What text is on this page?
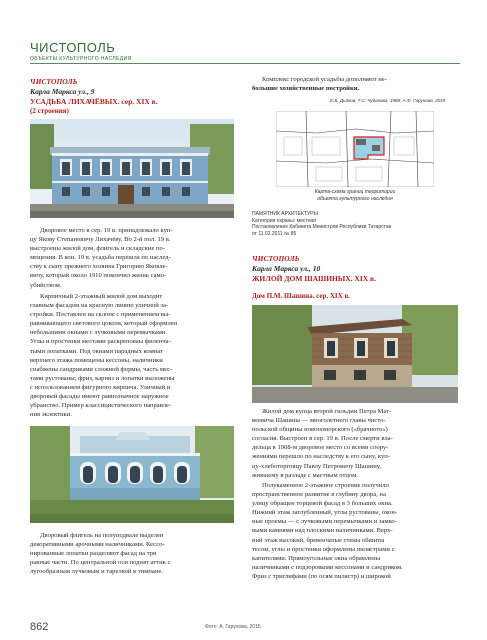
ЧИСТОПОЛЬ
ОБЪЕКТЫ КУЛЬТУРНОГО НАСЛЕДИЯ
ЧИСТОПОЛЬ
Карла Маркса ул., 9
УСАДЬБА ЛИХАЧЁВЫХ. сер. XIX в.
(2 строения)

Дворовое место в сер. 19 в. принадлежало куп-

цу Якову Степановичу Лихачёву. Во 2-й пол. 19 в.
выстроены жилой дом, флигель и складские по-
мещения. В кон. 19 в. усадьба перешла по наслед-
ству к сыну прежнего хозяина Григорию Яковле-
вичу, который около 1910 покончил жизнь само-
убийством.

Кирпичный 2-этажный жилой дом выходит

главным фасадом на красную линию уличной за-
стройки. Поставлен на склоне с применением вы-
равнивающего светового цоколя, который оформлен
небольшими окнами с лучковыми перемычками.
Углы и простенки местами раскреповаы филенча-
тыми лопатками. Под окнами парадных комнат
верхнего этажа помещены кессоны, наличники
снабжены сандриками сложной формы, часть мес-
тами рустованы; фриз, карниз и лопатки выложены
с использованием фигурного кирпича. Уличный и
дворовый фасады имеют равнозначное наружное
убранство. Пример классицистического направле-
ния эклектики.

Дворовый флигель на полуподвале выделен

декоративными арочными наличниками. Кессо-
нированные лопатки разделяют фасад на три
равные части. По центральной оси поднят аттик с
лугообразным лучковым и тарелкой в тимпане.

Комплекс городской усадьбы дополняют не-

большие хозяйственные постройки.
Е.Б. Дьяков, Т.С. Чудакова, 1988; А.Ф. Гарунова, 2015
Карта-схема границ территории
объекта культурного наследия
ПАМЯТНИК АРХИТЕКТУРЫ
Категория охраны: местная
Постановление Кабинета Министров Республики Татарстан
от 11.02.2011 № 85
ЧИСТОПОЛЬ
Карла Маркса ул., 10
ЖИЛОЙ ДОМ ШАШИНЫХ. XIX в.
Дом П.М. Шашина. сер. XIX в.

Жилой дом купца второй гильдии Петра Мат-

веевича Шашина — многолетнего главы чисто-
польской общины новопоморского («брачного»)
согласия. Выстроен в сер. 19 в. После смерти вла-
дельца в 1908-м дворовое место со всеми соору-
жениями перешло по наследству к его сыну, куп-
цу-хлеботорговцу Павлу Петровичу Шашину,
жившему в разладе с мастным отцом.

Полукаменное 2-этажное строение получило

пространственное развитие в глубину двора, на
улицу обращен торцевой фасад в 3 больших окна.
Нижний этаж заглубленный, углы рустованы, окон-
ные проемы — с лучковыми перемычками и замко-
выми камнями над плоскими наличниками. Верх-
ний этаж высокий, бревенчатые стены обшиты
тесом, углы и простенки оформлены пилястрами с
капителями. Прямоугольные окна обрамлены
наличниками с подзоровыми кессонами и сандриком.
Фриз с триглифами (по осям пилястр) и широкой
862	Фото: А. Гарунова, 2015
